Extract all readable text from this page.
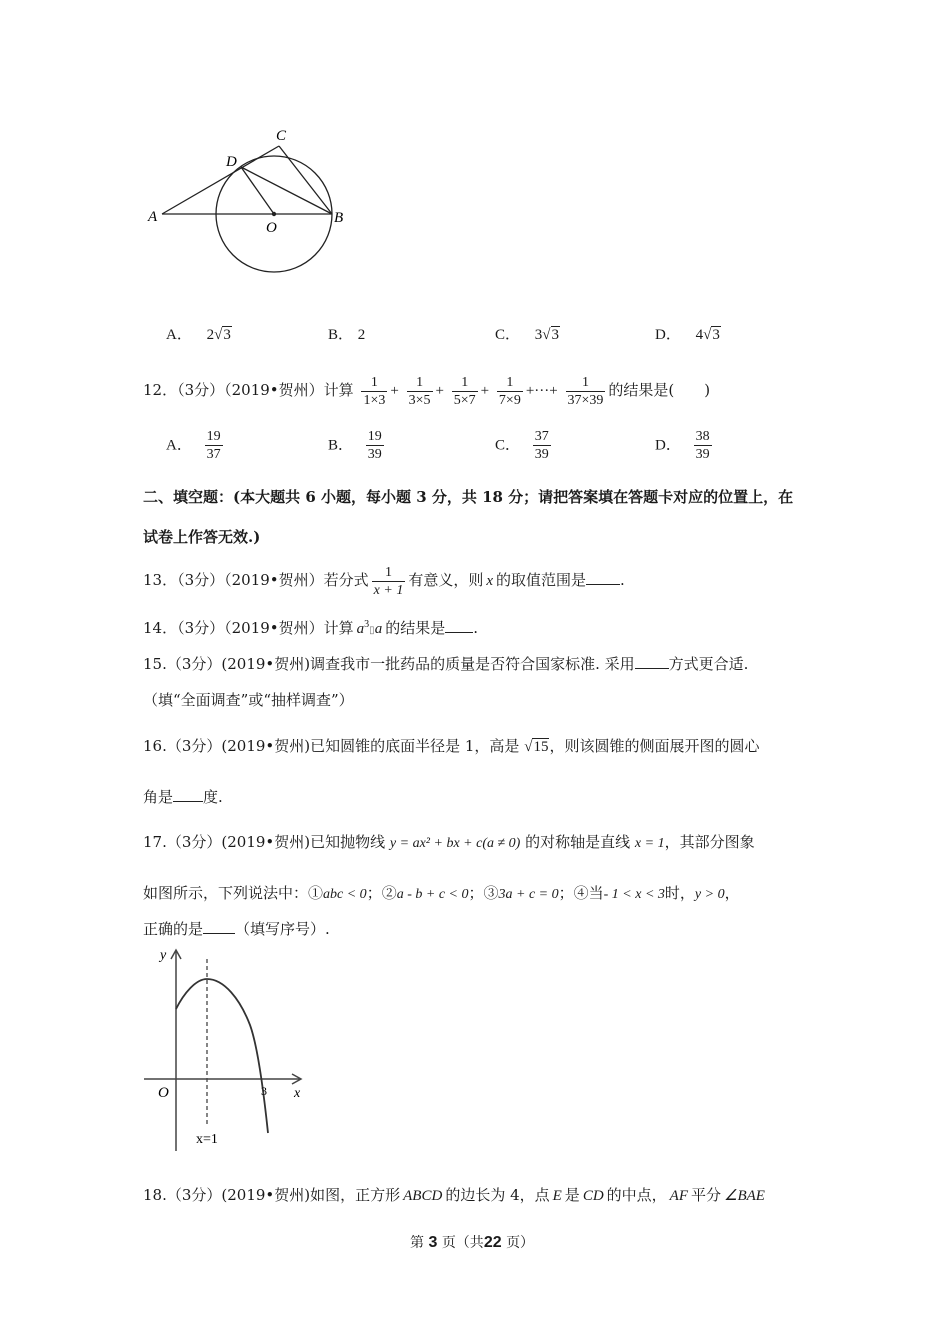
A	B
C
D
O
A． 2√3	B． 2	C． 3√3	D． 4√3
12．（3分）（2019•贺州）计算 $\frac{1}{1\times 3} + \frac{1}{3\times 5} + \frac{1}{5\times 7} + \frac{1}{7\times 9}$ +···+ $\frac{1}{37\times 39}$ 的结果是(　　)
A． $\frac{19}{37}$	B． $\frac{19}{39}$	C． $\frac{37}{39}$	D． $\frac{38}{39}$
二、填空题：(本大题共 6 小题，每小题 3 分，共 18 分；请把答案填在答题卡对应的位置上，在
试卷上作答无效.)
13．（3分）（2019•贺州）若分式 $\frac{1}{x + 1}$ 有意义，则 x 的取值范围是 .
14．（3分）（2019•贺州）计算 $a^3▯a$ 的结果是 .
15.（3分）(2019•贺州)调查我市一批药品的质量是否符合国家标准. 采用 方式更合适.
（填“全面调查”或“抽样调查”）
16.（3分）(2019•贺州)已知圆锥的底面半径是 1，高是 √15，则该圆锥的侧面展开图的圆心
角是 度.
17.（3分）(2019•贺州)已知抛物线 y = ax² + bx + c(a ≠ 0) 的对称轴是直线 x = 1，其部分图象
如图所示，下列说法中：①abc < 0；②a - b + c < 0；③3a + c = 0；④当- 1 < x < 3时，y > 0，
正确的是 （填写序号）.
y
x
O	3
x=1
18.（3分）(2019•贺州)如图，正方形 ABCD 的边长为 4，点 E 是 CD 的中点， AF 平分 ∠BAE
第 3 页（共22 页）
